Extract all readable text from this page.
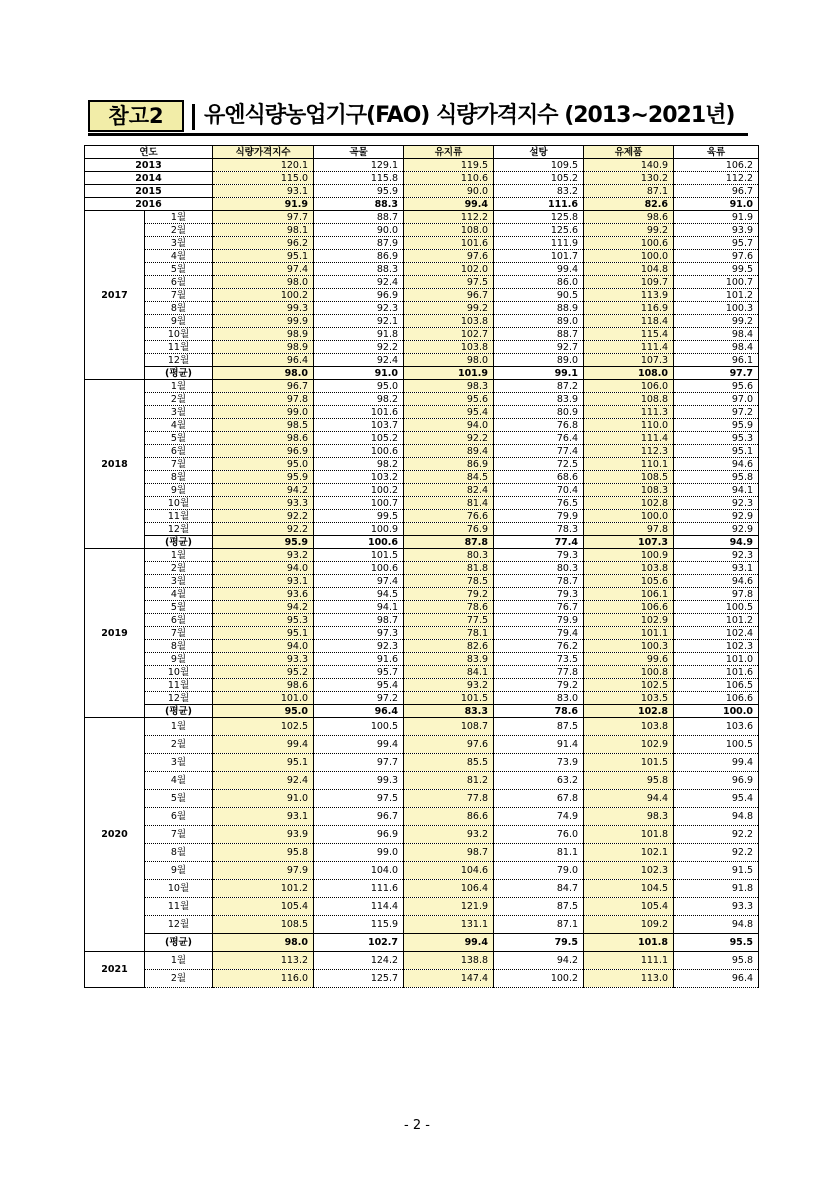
참고2	유엔식량농업기구(FAO) 식량가격지수 (2013~2021년)
연도		식량가격지수	곡물	유지류	설탕	유제품	육류
2013		120.1	129.1	119.5	109.5	140.9	106.2
2014		115.0	115.8	110.6	105.2	130.2	112.2
2015		93.1	95.9	90.0	83.2	87.1	96.7
2016		91.9	88.3	99.4	111.6	82.6	91.0
2017	1월	97.7	88.7	112.2	125.8	98.6	91.9
	2월	98.1	90.0	108.0	125.6	99.2	93.9
	3월	96.2	87.9	101.6	111.9	100.6	95.7
	4월	95.1	86.9	97.6	101.7	100.0	97.6
	5월	97.4	88.3	102.0	99.4	104.8	99.5
	6월	98.0	92.4	97.5	86.0	109.7	100.7
	7월	100.2	96.9	96.7	90.5	113.9	101.2
	8월	99.3	92.3	99.2	88.9	116.9	100.3
	9월	99.9	92.1	103.8	89.0	118.4	99.2
	10월	98.9	91.8	102.7	88.7	115.4	98.4
	11월	98.9	92.2	103.8	92.7	111.4	98.4
	12월	96.4	92.4	98.0	89.0	107.3	96.1
	(평균)	98.0	91.0	101.9	99.1	108.0	97.7
2018	1월	96.7	95.0	98.3	87.2	106.0	95.6
	2월	97.8	98.2	95.6	83.9	108.8	97.0
	3월	99.0	101.6	95.4	80.9	111.3	97.2
	4월	98.5	103.7	94.0	76.8	110.0	95.9
	5월	98.6	105.2	92.2	76.4	111.4	95.3
	6월	96.9	100.6	89.4	77.4	112.3	95.1
	7월	95.0	98.2	86.9	72.5	110.1	94.6
	8월	95.9	103.2	84.5	68.6	108.5	95.8
	9월	94.2	100.2	82.4	70.4	108.3	94.1
	10월	93.3	100.7	81.4	76.5	102.8	92.3
	11월	92.2	99.5	76.6	79.9	100.0	92.9
	12월	92.2	100.9	76.9	78.3	97.8	92.9
	(평균)	95.9	100.6	87.8	77.4	107.3	94.9
2019	1월	93.2	101.5	80.3	79.3	100.9	92.3
	2월	94.0	100.6	81.8	80.3	103.8	93.1
	3월	93.1	97.4	78.5	78.7	105.6	94.6
	4월	93.6	94.5	79.2	79.3	106.1	97.8
	5월	94.2	94.1	78.6	76.7	106.6	100.5
	6월	95.3	98.7	77.5	79.9	102.9	101.2
	7월	95.1	97.3	78.1	79.4	101.1	102.4
	8월	94.0	92.3	82.6	76.2	100.3	102.3
	9월	93.3	91.6	83.9	73.5	99.6	101.0
	10월	95.2	95.7	84.1	77.8	100.8	101.6
	11월	98.6	95.4	93.2	79.2	102.5	106.5
	12월	101.0	97.2	101.5	83.0	103.5	106.6
	(평균)	95.0	96.4	83.3	78.6	102.8	100.0
2020	1월	102.5	100.5	108.7	87.5	103.8	103.6
	2월	99.4	99.4	97.6	91.4	102.9	100.5
	3월	95.1	97.7	85.5	73.9	101.5	99.4
	4월	92.4	99.3	81.2	63.2	95.8	96.9
	5월	91.0	97.5	77.8	67.8	94.4	95.4
	6월	93.1	96.7	86.6	74.9	98.3	94.8
	7월	93.9	96.9	93.2	76.0	101.8	92.2
	8월	95.8	99.0	98.7	81.1	102.1	92.2
	9월	97.9	104.0	104.6	79.0	102.3	91.5
	10월	101.2	111.6	106.4	84.7	104.5	91.8
	11월	105.4	114.4	121.9	87.5	105.4	93.3
	12월	108.5	115.9	131.1	87.1	109.2	94.8
	(평균)	98.0	102.7	99.4	79.5	101.8	95.5
2021	1월	113.2	124.2	138.8	94.2	111.1	95.8
	2월	116.0	125.7	147.4	100.2	113.0	96.4
- 2 -
